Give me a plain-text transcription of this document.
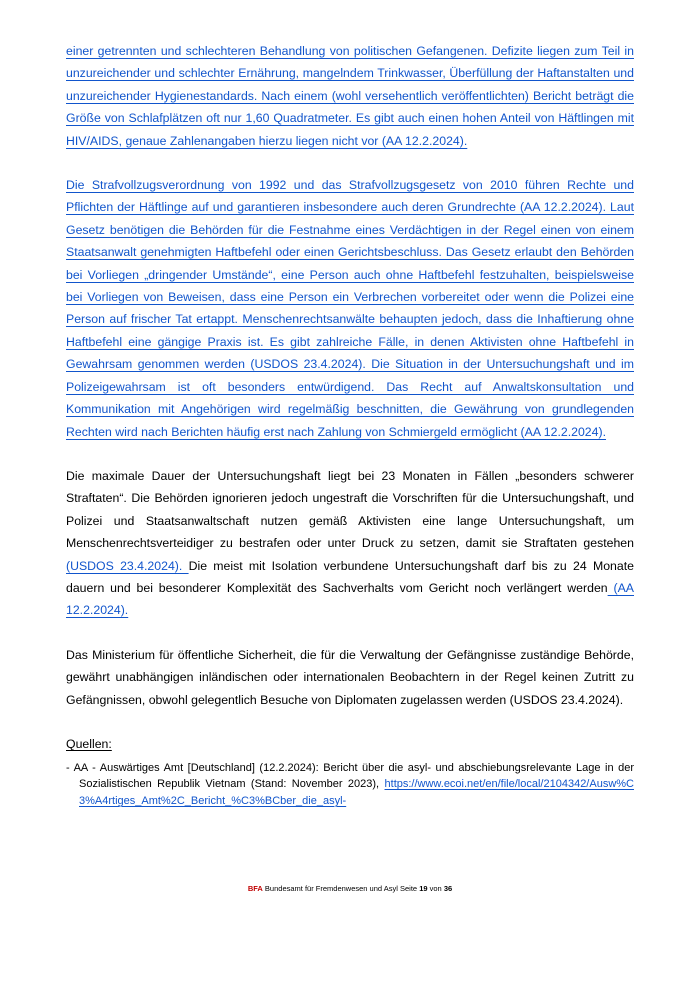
einer getrennten und schlechteren Behandlung von politischen Gefangenen. Defizite liegen zum Teil in unzureichender und schlechter Ernährung, mangelndem Trinkwasser, Überfüllung der Haftanstalten und unzureichender Hygienestandards. Nach einem (wohl versehentlich veröffentlichten) Bericht beträgt die Größe von Schlafplätzen oft nur 1,60 Quadratmeter. Es gibt auch einen hohen Anteil von Häftlingen mit HIV/AIDS, genaue Zahlenangaben hierzu liegen nicht vor (AA 12.2.2024).

Die Strafvollzugsverordnung von 1992 und das Strafvollzugsgesetz von 2010 führen Rechte und Pflichten der Häftlinge auf und garantieren insbesondere auch deren Grundrechte (AA 12.2.2024). Laut Gesetz benötigen die Behörden für die Festnahme eines Verdächtigen in der Regel einen von einem Staatsanwalt genehmigten Haftbefehl oder einen Gerichtsbeschluss. Das Gesetz erlaubt den Behörden bei Vorliegen „dringender Umstände“, eine Person auch ohne Haftbefehl festzuhalten, beispielsweise bei Vorliegen von Beweisen, dass eine Person ein Verbrechen vorbereitet oder wenn die Polizei eine Person auf frischer Tat ertappt. Menschenrechtsanwälte behaupten jedoch, dass die Inhaftierung ohne Haftbefehl eine gängige Praxis ist. Es gibt zahlreiche Fälle, in denen Aktivisten ohne Haftbefehl in Gewahrsam genommen werden (USDOS 23.4.2024). Die Situation in der Untersuchungshaft und im Polizeigewahrsam ist oft besonders entwürdigend. Das Recht auf Anwaltskonsultation und Kommunikation mit Angehörigen wird regelmäßig beschnitten, die Gewährung von grundlegenden Rechten wird nach Berichten häufig erst nach Zahlung von Schmiergeld ermöglicht (AA 12.2.2024).

Die maximale Dauer der Untersuchungshaft liegt bei 23 Monaten in Fällen „besonders schwerer Straftaten“. Die Behörden ignorieren jedoch ungestraft die Vorschriften für die Untersuchungshaft, und Polizei und Staatsanwaltschaft nutzen gemäß Aktivisten eine lange Untersuchungshaft, um Menschenrechtsverteidiger zu bestrafen oder unter Druck zu setzen, damit sie Straftaten gestehen (USDOS 23.4.2024). Die meist mit Isolation verbundene Untersuchungshaft darf bis zu 24 Monate dauern und bei besonderer Komplexität des Sachverhalts vom Gericht noch verlängert werden (AA 12.2.2024).

Das Ministerium für öffentliche Sicherheit, die für die Verwaltung der Gefängnisse zuständige Behörde, gewährt unabhängigen inländischen oder internationalen Beobachtern in der Regel keinen Zutritt zu Gefängnissen, obwohl gelegentlich Besuche von Diplomaten zugelassen werden (USDOS 23.4.2024).

Quellen:

- AA - Auswärtiges Amt [Deutschland] (12.2.2024): Bericht über die asyl- und abschiebungsrelevante Lage in der Sozialistischen Republik Vietnam (Stand: November 2023), https://www.ecoi.net/en/file/local/2104342/Ausw%C3%A4rtiges_Amt%2C_Bericht_%C3%BCber_die_asyl-

BFA Bundesamt für Fremdenwesen und Asyl Seite 19 von 36
